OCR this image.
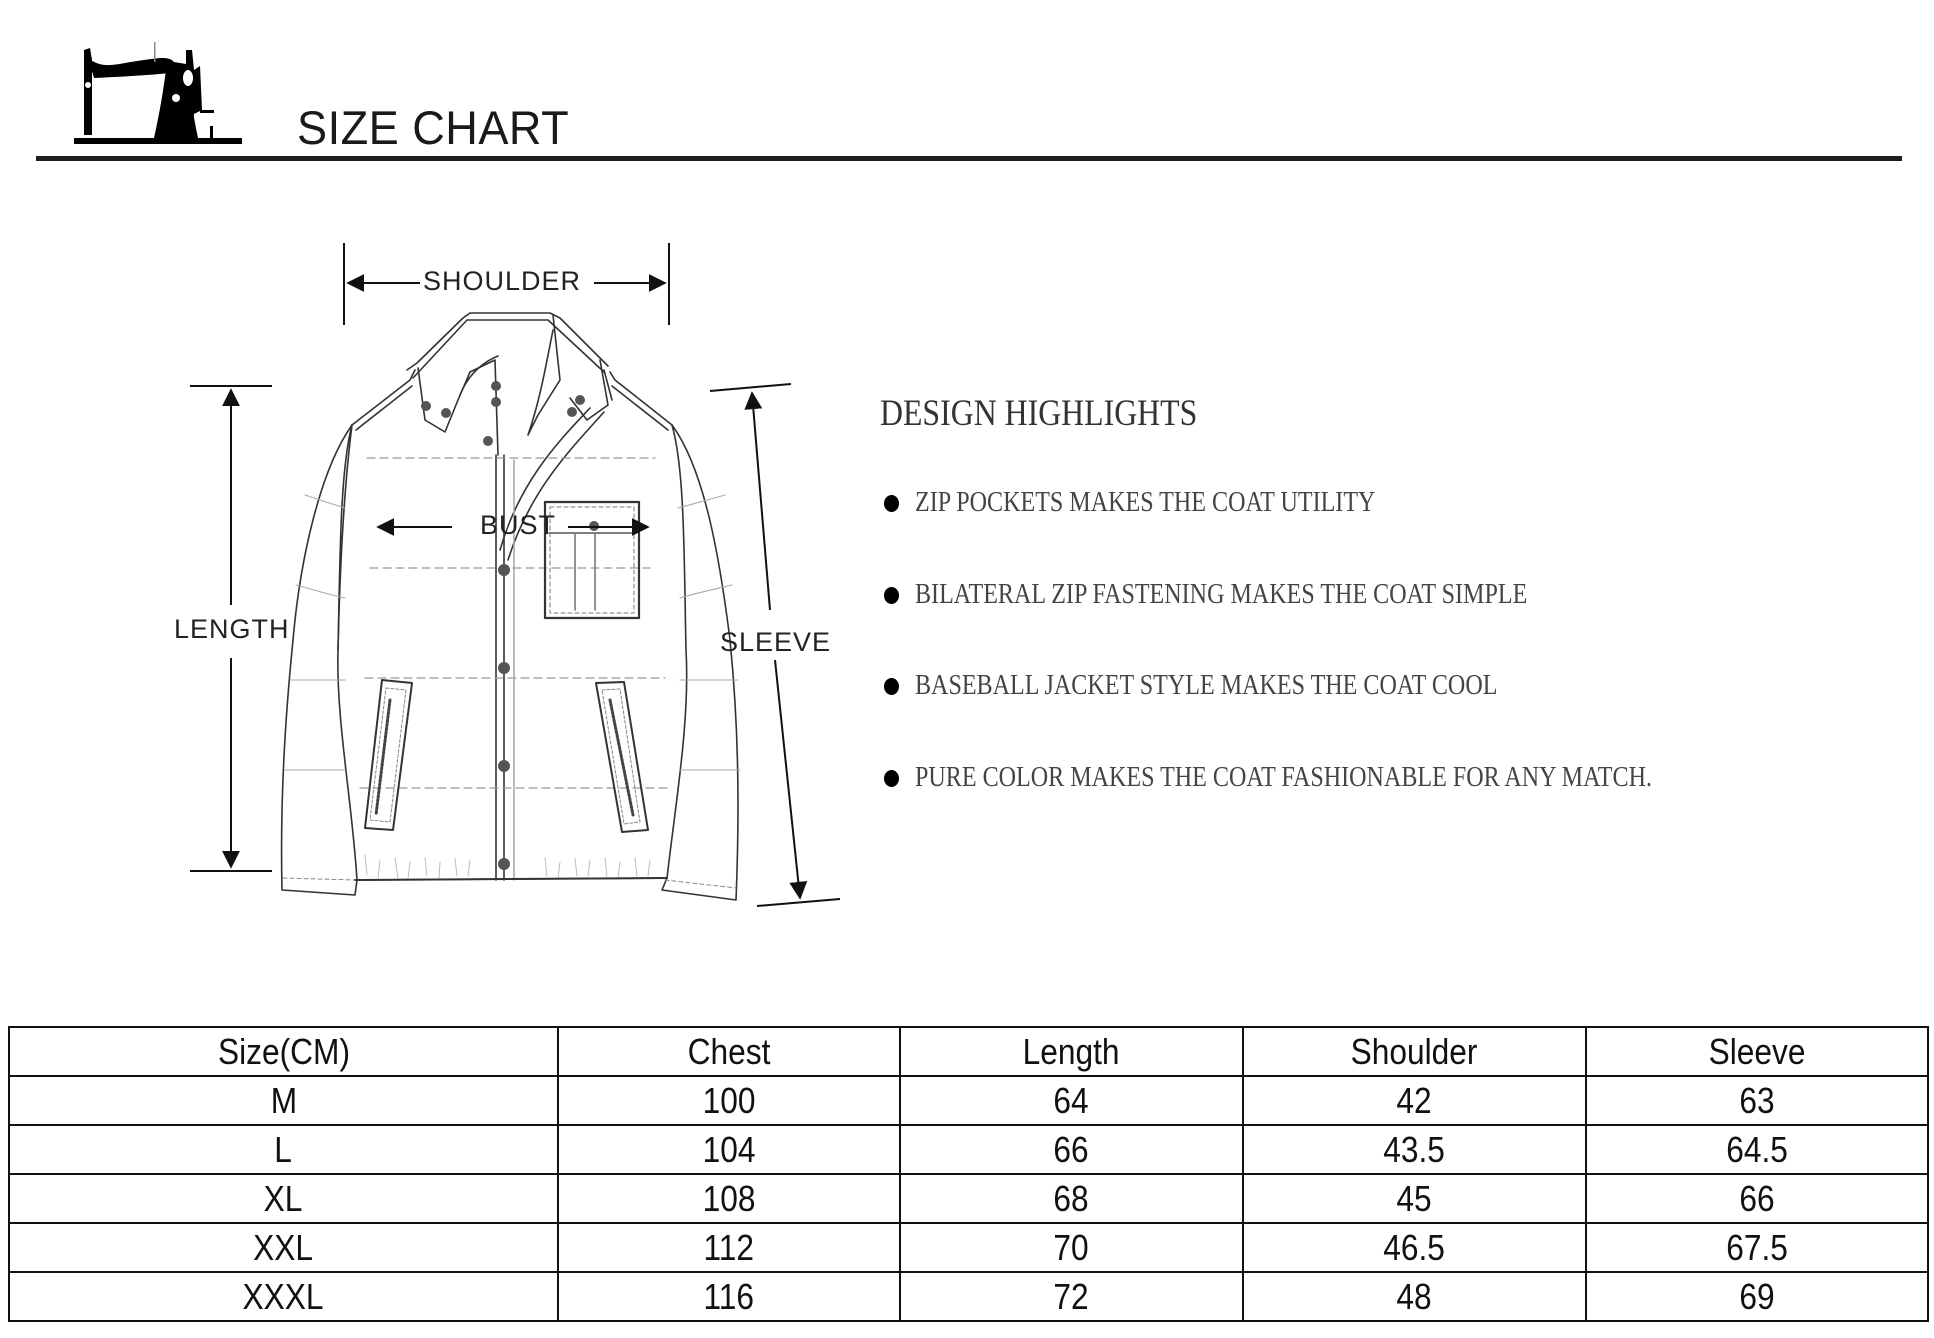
SIZE CHART
SHOULDER
LENGTH
BUST
SLEEVE
DESIGN HIGHLIGHTS
ZIP POCKETS MAKES THE COAT UTILITY
BILATERAL ZIP FASTENING MAKES THE COAT SIMPLE
BASEBALL JACKET STYLE MAKES THE COAT COOL
PURE COLOR MAKES THE COAT FASHIONABLE FOR ANY MATCH.
Size(CM)	Chest	Length	Shoulder	Sleeve
M	100	64	42	63
L	104	66	43.5	64.5
XL	108	68	45	66
XXL	112	70	46.5	67.5
XXXL	116	72	48	69
